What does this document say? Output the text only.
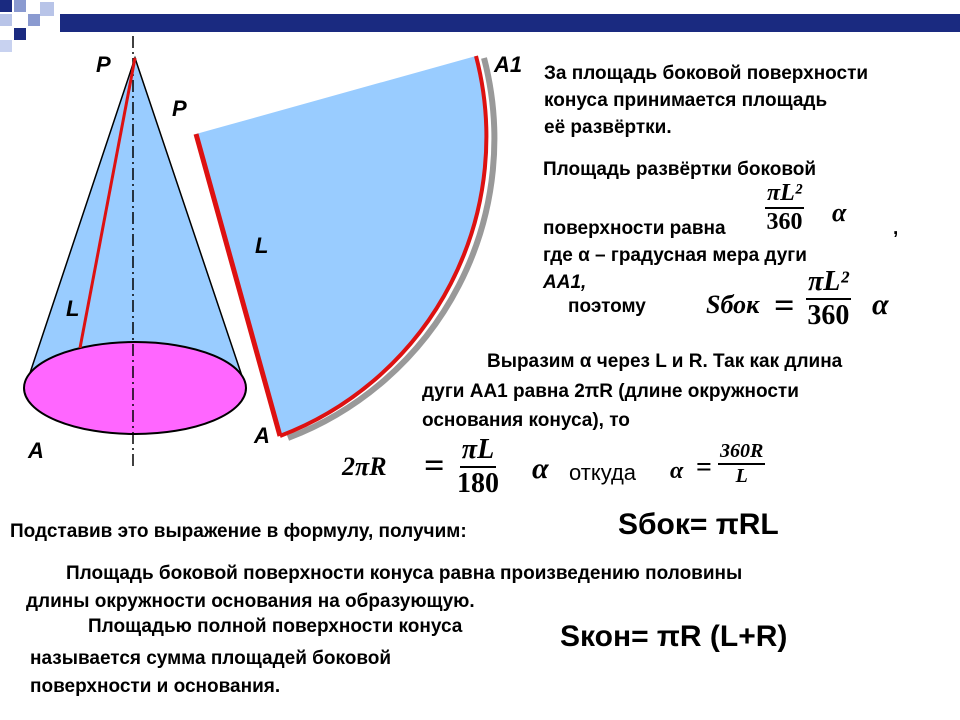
P
L
A
P
L
A
A1 За площадь боковой поверхности
конуса принимается площадь
её развёртки.
Площадь развёртки боковой
поверхности равна $\frac{\text{πL²}}{360}$ α
,
где α – градусная мера дуги
АА1,
поэтому Sбок = $\frac{\text{πL²}}{360}$ α
Выразим α через L и R. Так как длина
дуги АА1 равна 2πR (длине окружности
основания конуса), то
$2\pi R = \frac{\pi L}{180}$ α откуда $\alpha = \frac{360R}{L}$
Подставив это выражение в формулу, получим:	Sбок= πRL
Площадь боковой поверхности конуса равна произведению половины
длины окружности основания на образующую.
Площадью полной поверхности конуса
называется сумма площадей боковой
поверхности и основания.
Sкон= πR (L+R)
